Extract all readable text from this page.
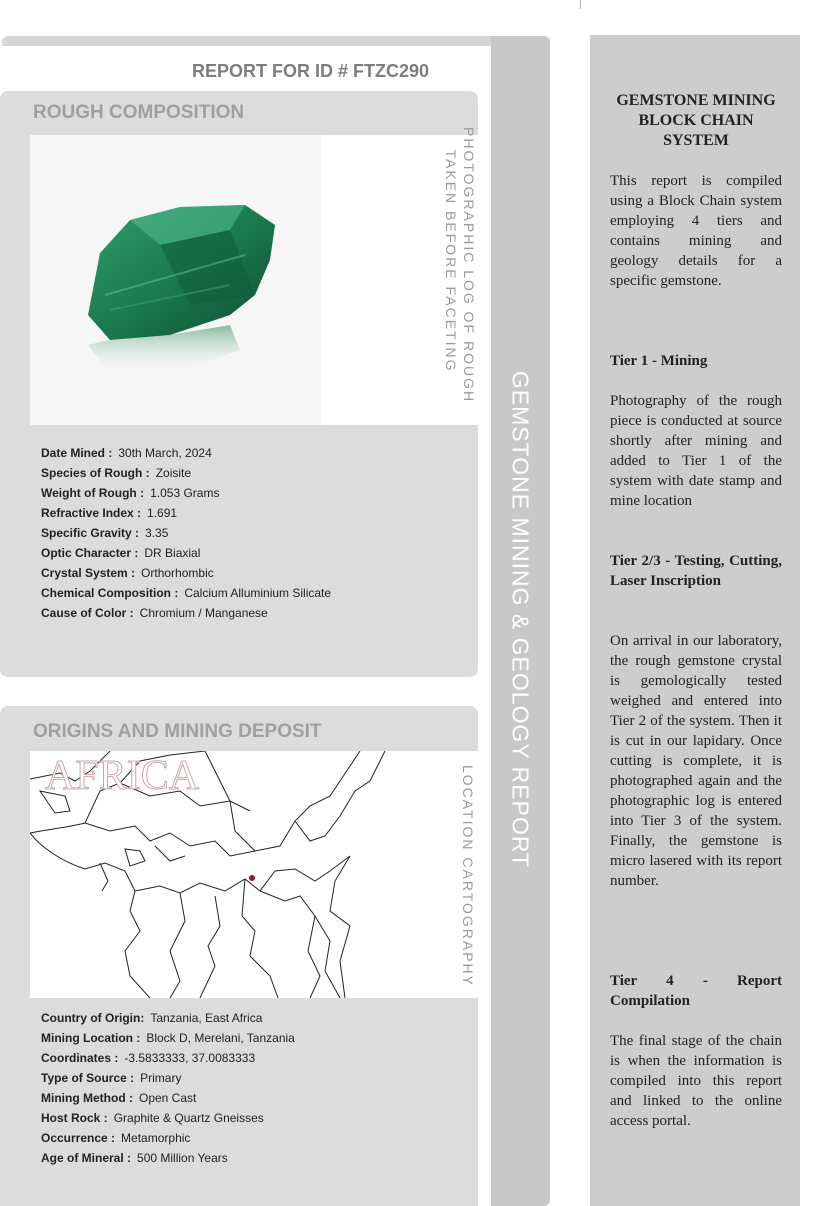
GEMSTONE MINING & GEOLOGY REPORT
REPORT FOR ID # FTZC290
ROUGH COMPOSITION
PHOTOGRAPHIC LOG OF ROUGH
TAKEN BEFORE FACETING
Date Mined : 30th March, 2024
Species of Rough : Zoisite
Weight of Rough : 1.053 Grams
Refractive Index : 1.691
Specific Gravity : 3.35
Optic Character : DR Biaxial
Crystal System : Orthorhombic
Chemical Composition : Calcium Alluminium Silicate
Cause of Color : Chromium / Manganese
ORIGINS AND MINING DEPOSIT
AFRICA	LOCATION CARTOGRAPHY
Country of Origin: Tanzania, East Africa
Mining Location : Block D, Merelani, Tanzania
Coordinates : -3.5833333, 37.0083333
Type of Source : Primary
Mining Method : Open Cast
Host Rock : Graphite & Quartz Gneisses
Occurrence : Metamorphic
Age of Mineral : 500 Million Years
GEMSTONE MINING BLOCK CHAIN SYSTEM
This report is compiled using a Block Chain system employing 4 tiers and contains mining and geology details for a specific gemstone.
Tier 1 - Mining
Photography of the rough piece is conducted at source shortly after mining and added to Tier 1 of the system with date stamp and mine location
Tier 2/3 - Testing, Cutting, Laser Inscription
On arrival in our laboratory, the rough gemstone crystal is gemologically tested weighed and entered into Tier 2 of the system. Then it is cut in our lapidary. Once cutting is complete, it is photographed again and the photographic log is entered into Tier 3 of the system. Finally, the gemstone is micro lasered with its report number.
Tier 4 - Report Compilation
The final stage of the chain is when the information is compiled into this report and linked to the online access portal.
